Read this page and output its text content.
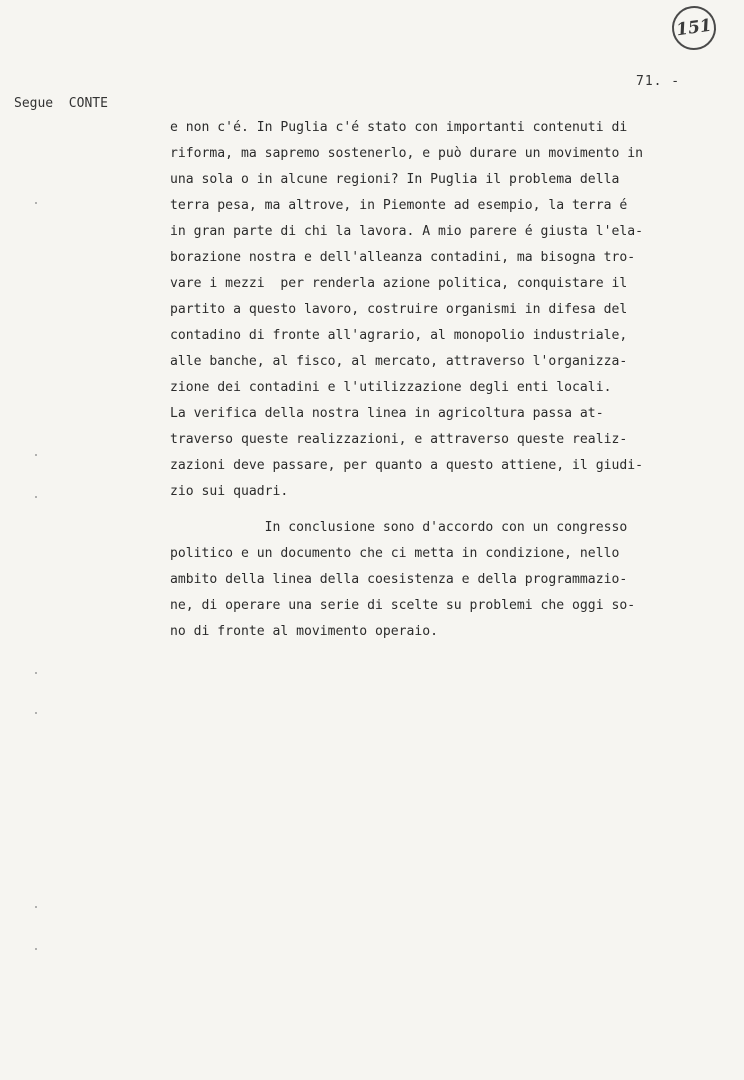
151
71. -
Segue  CONTE
e non c'é. In Puglia c'é stato con importanti contenuti di
riforma, ma sapremo sostenerlo, e può durare un movimento in
una sola o in alcune regioni? In Puglia il problema della
terra pesa, ma altrove, in Piemonte ad esempio, la terra é
in gran parte di chi la lavora. A mio parere é giusta l'ela-
borazione nostra e dell'alleanza contadini, ma bisogna tro-
vare i mezzi  per renderla azione politica, conquistare il
partito a questo lavoro, costruire organismi in difesa del
contadino di fronte all'agrario, al monopolio industriale,
alle banche, al fisco, al mercato, attraverso l'organizza-
zione dei contadini e l'utilizzazione degli enti locali.
La verifica della nostra linea in agricoltura passa at-
traverso queste realizzazioni, e attraverso queste realiz-
zazioni deve passare, per quanto a questo attiene, il giudi-
zio sui quadri.
In conclusione sono d'accordo con un congresso
politico e un documento che ci metta in condizione, nello
ambito della linea della coesistenza e della programmazio-
ne, di operare una serie di scelte su problemi che oggi so-
no di fronte al movimento operaio.
